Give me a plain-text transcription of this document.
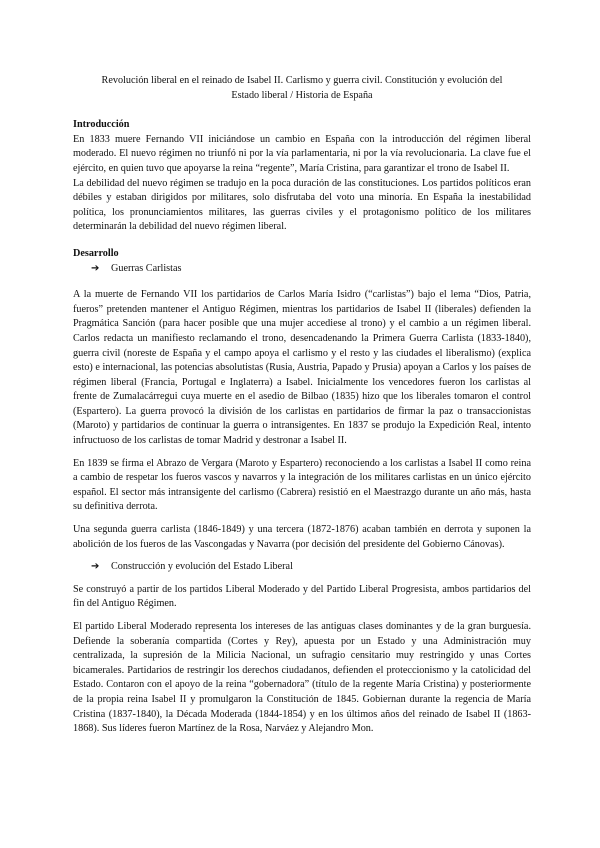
Revolución liberal en el reinado de Isabel II. Carlismo y guerra civil. Constitución y evolución del
Estado liberal / Historia de España
Introducción

En 1833 muere Fernando VII iniciándose un cambio en España con la introducción del régimen liberal moderado. El nuevo régimen no triunfó ni por la vía parlamentaria, ni por la vía revolucionaria. La clave fue el ejército, en quien tuvo que apoyarse la reina “regente”, María Cristina, para garantizar el trono de Isabel II.

La debilidad del nuevo régimen se tradujo en la poca duración de las constituciones. Los partidos políticos eran débiles y estaban dirigidos por militares, solo disfrutaba del voto una minoría. En España la inestabilidad política, los pronunciamientos militares, las guerras civiles y el protagonismo político de los militares determinarán la debilidad del nuevo régimen liberal.

Desarrollo
➔	Guerras Carlistas

A la muerte de Fernando VII los partidarios de Carlos María Isidro (“carlistas”) bajo el lema “Dios, Patria, fueros” pretenden mantener el Antiguo Régimen, mientras los partidarios de Isabel II (liberales) defienden la Pragmática Sanción (para hacer posible que una mujer accediese al trono) y el cambio a un régimen liberal. Carlos redacta un manifiesto reclamando el trono, desencadenando la Primera Guerra Carlista (1833-1840), guerra civil (noreste de España y el campo apoya el carlismo y el resto y las ciudades el liberalismo) (explica esto) e internacional, las potencias absolutistas (Rusia, Austria, Papado y Prusia) apoyan a Carlos y los países de régimen liberal (Francia, Portugal e Inglaterra) a Isabel. Inicialmente los vencedores fueron los carlistas al frente de Zumalacárregui cuya muerte en el asedio de Bilbao (1835) hizo que los liberales tomaron el control (Espartero). La guerra provocó la división de los carlistas en partidarios de firmar la paz o transaccionistas (Maroto) y partidarios de continuar la guerra o intransigentes. En 1837 se produjo la Expedición Real, intento infructuoso de los carlistas de tomar Madrid y destronar a Isabel II.

En 1839 se firma el Abrazo de Vergara (Maroto y Espartero) reconociendo a los carlistas a Isabel II como reina a cambio de respetar los fueros vascos y navarros y la integración de los militares carlistas en un único ejército español. El sector más intransigente del carlismo (Cabrera) resistió en el Maestrazgo durante un año más, hasta su definitiva derrota.

Una segunda guerra carlista (1846-1849) y una tercera (1872-1876) acaban también en derrota y suponen la abolición de los fueros de las Vascongadas y Navarra (por decisión del presidente del Gobierno Cánovas).

➔	Construcción y evolución del Estado Liberal

Se construyó a partir de los partidos Liberal Moderado y del Partido Liberal Progresista, ambos partidarios del fin del Antiguo Régimen.

El partido Liberal Moderado representa los intereses de las antiguas clases dominantes y de la gran burguesía. Defiende la soberanía compartida (Cortes y Rey), apuesta por un Estado y una Administración muy centralizada, la supresión de la Milicia Nacional, un sufragio censitario muy restringido y unas Cortes bicamerales. Partidarios de restringir los derechos ciudadanos, defienden el proteccionismo y la catolicidad del Estado. Contaron con el apoyo de la reina “gobernadora” (título de la regente María Cristina) y posteriormente de la propia reina Isabel II y promulgaron la Constitución de 1845. Gobiernan durante la regencia de María Cristina (1837-1840), la Década Moderada (1844-1854) y en los últimos años del reinado de Isabel II (1863-1868). Sus líderes fueron Martínez de la Rosa, Narváez y Alejandro Mon.
